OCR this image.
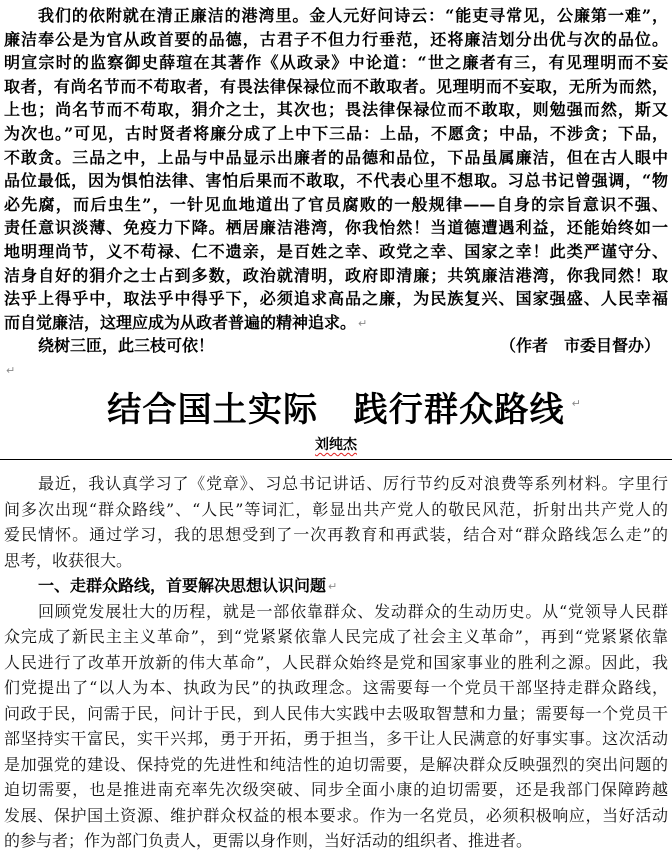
我们的依附就在清正廉洁的港湾里。金人元好问诗云：“能吏寻常见，公廉第一难”，
廉洁奉公是为官从政首要的品德，古君子不但力行垂范，还将廉洁划分出优与次的品位。
明宣宗时的监察御史薛瑄在其著作《从政录》中论道：“世之廉者有三，有见理明而不妄
取者，有尚名节而不苟取者，有畏法律保禄位而不敢取者。见理明而不妄取，无所为而然，
上也；尚名节而不苟取，狷介之士，其次也；畏法律保禄位而不敢取，则勉强而然，斯又
为次也。”可见，古时贤者将廉分成了上中下三品：上品，不愿贪；中品，不涉贪；下品，
不敢贪。三品之中，上品与中品显示出廉者的品德和品位，下品虽属廉洁，但在古人眼中
品位最低，因为惧怕法律、害怕后果而不敢取，不代表心里不想取。习总书记曾强调，“物
必先腐，而后虫生”，一针见血地道出了官员腐败的一般规律——自身的宗旨意识不强、
责任意识淡薄、免疫力下降。栖居廉洁港湾，你我怡然！当道德遭遇利益，还能始终如一
地明理尚节，义不苟禄、仁不遗亲，是百姓之幸、政党之幸、国家之幸！此类严谨守分、
洁身自好的狷介之士占到多数，政治就清明，政府即清廉；共筑廉洁港湾，你我同然！取
法乎上得乎中，取法乎中得乎下，必须追求高品之廉，为民族复兴、国家强盛、人民幸福
而自觉廉洁，这理应成为从政者普遍的精神追求。 ↵
绕树三匝，此三枝可依！	（作者　市委目督办）
↵
结合国土实际　践行群众路线 ↵
刘纯杰
最近，我认真学习了《党章》、习总书记讲话、厉行节约反对浪费等系列材料。字里行
间多次出现“群众路线”、“人民”等词汇，彰显出共产党人的敬民风范，折射出共产党人的
爱民情怀。通过学习，我的思想受到了一次再教育和再武装，结合对“群众路线怎么走”的
思考，收获很大。
一、走群众路线，首要解决思想认识问题 ↵
回顾党发展壮大的历程，就是一部依靠群众、发动群众的生动历史。从“党领导人民群
众完成了新民主主义革命”，到“党紧紧依靠人民完成了社会主义革命”，再到“党紧紧依靠
人民进行了改革开放新的伟大革命”，人民群众始终是党和国家事业的胜利之源。因此，我
们党提出了“以人为本、执政为民”的执政理念。这需要每一个党员干部坚持走群众路线，
问政于民，问需于民，问计于民，到人民伟大实践中去吸取智慧和力量；需要每一个党员干
部坚持实干富民，实干兴邦，勇于开拓，勇于担当，多干让人民满意的好事实事。这次活动
是加强党的建设、保持党的先进性和纯洁性的迫切需要，是解决群众反映强烈的突出问题的
迫切需要，也是推进南充率先次级突破、同步全面小康的迫切需要，还是我部门保障跨越
发展、保护国土资源、维护群众权益的根本要求。作为一名党员，必须积极响应，当好活动
的参与者；作为部门负责人，更需以身作则，当好活动的组织者、推进者。
